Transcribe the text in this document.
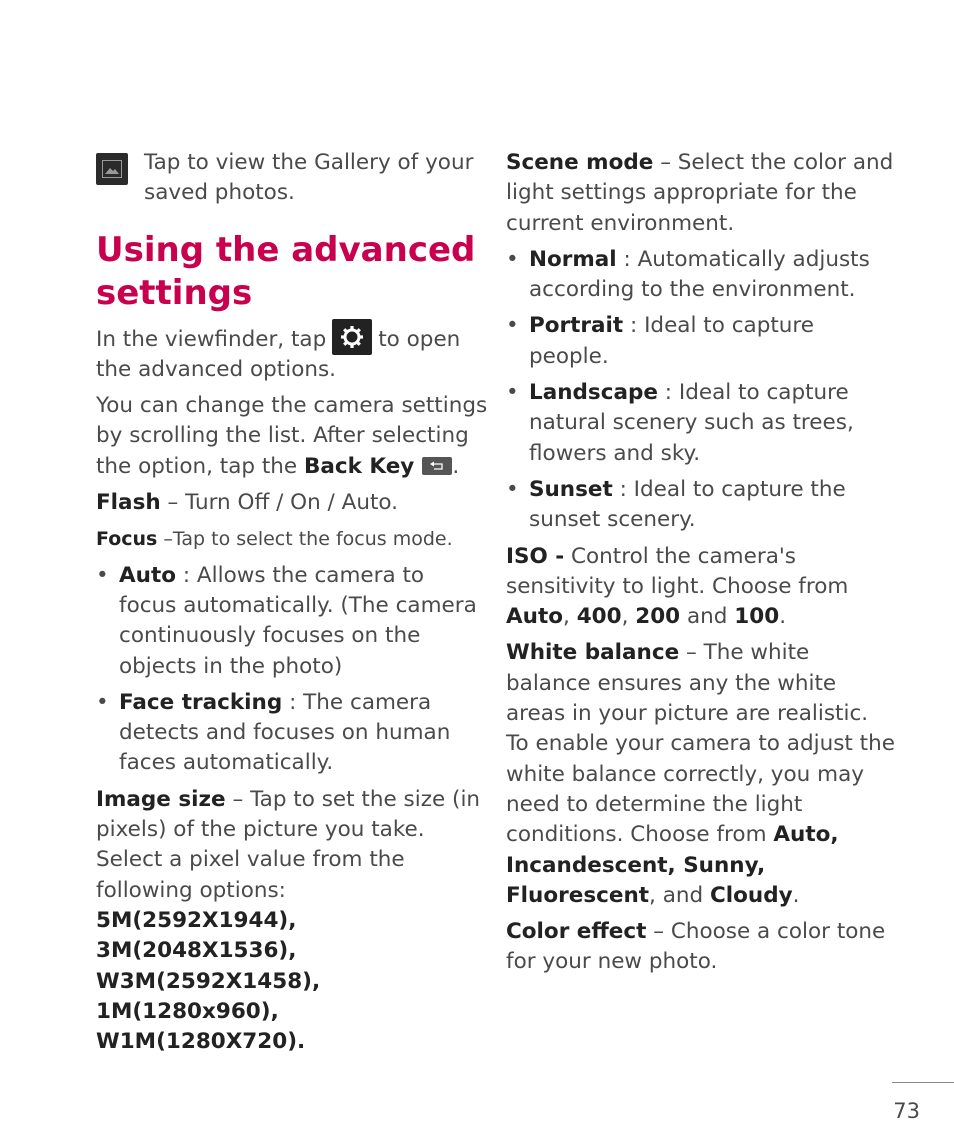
Tap to view the Gallery of your saved photos.
Using the advanced settings

In the viewfinder, tap to open the advanced options.

You can change the camera settings by scrolling the list. After selecting the option, tap the Back Key .

Flash – Turn Off / On / Auto.

Focus –Tap to select the focus mode.

• Auto : Allows the camera to focus automatically. (The camera continuously focuses on the objects in the photo)
• Face tracking : The camera detects and focuses on human faces automatically.

Image size – Tap to set the size (in pixels) of the picture you take. Select a pixel value from the following options: 5M(2592X1944), 3M(2048X1536), W3M(2592X1458), 1M(1280x960), W1M(1280X720).

Scene mode – Select the color and light settings appropriate for the current environment.

• Normal : Automatically adjusts according to the environment.
• Portrait : Ideal to capture people.
• Landscape : Ideal to capture natural scenery such as trees, flowers and sky.
• Sunset : Ideal to capture the sunset scenery.

ISO - Control the camera's sensitivity to light. Choose from Auto, 400, 200 and 100.

White balance – The white balance ensures any the white areas in your picture are realistic. To enable your camera to adjust the white balance correctly, you may need to determine the light conditions. Choose from Auto, Incandescent, Sunny, Fluorescent, and Cloudy.

Color effect – Choose a color tone for your new photo.

73
